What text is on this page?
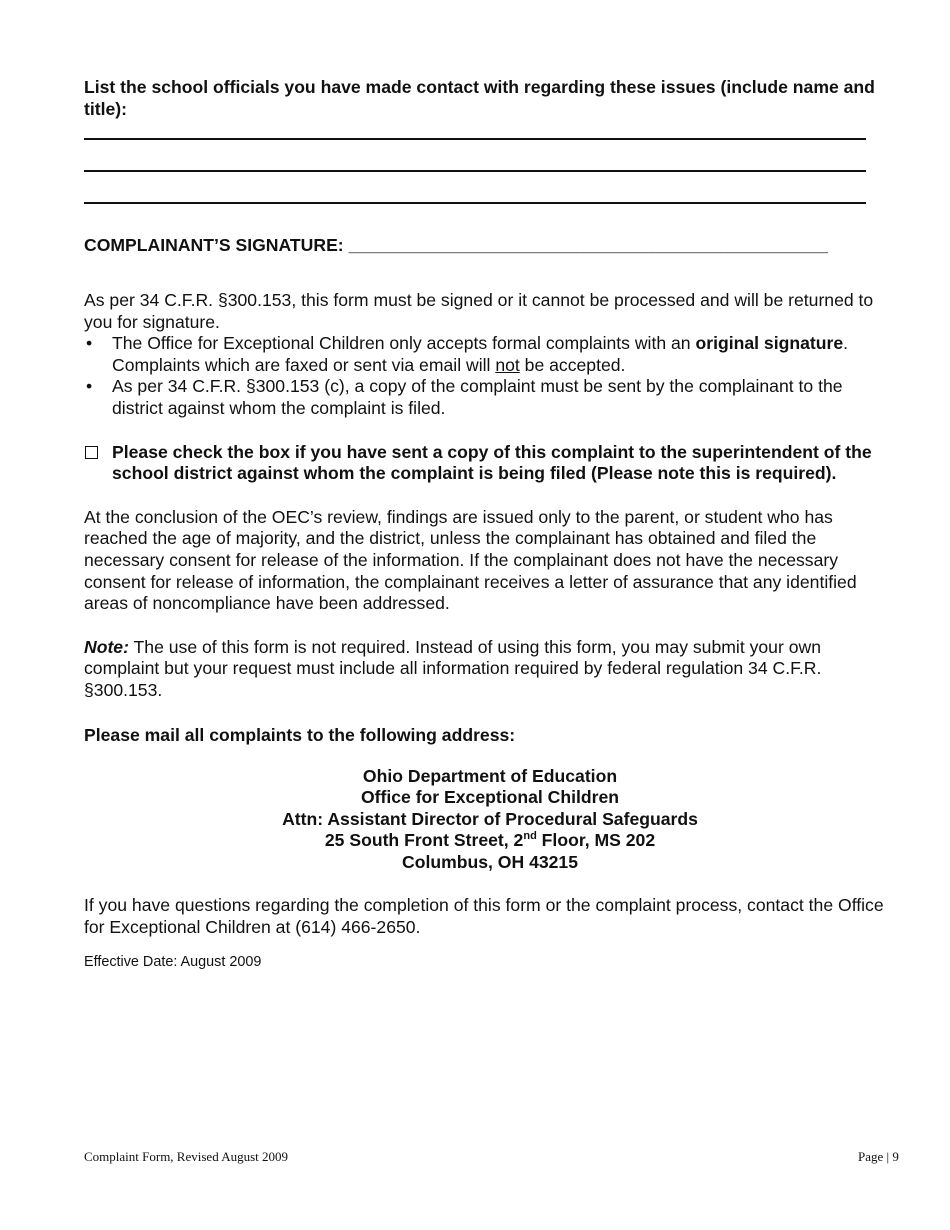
List the school officials you have made contact with regarding these issues (include name and title):

COMPLAINANT’S SIGNATURE: _________________________________________________

As per 34 C.F.R. §300.153, this form must be signed or it cannot be processed and will be returned to you for signature.

• The Office for Exceptional Children only accepts formal complaints with an original signature. Complaints which are faxed or sent via email will not be accepted.
• As per 34 C.F.R. §300.153 (c), a copy of the complaint must be sent by the complainant to the district against whom the complaint is filed.
Please check the box if you have sent a copy of this complaint to the superintendent of the school district against whom the complaint is being filed (Please note this is required).

At the conclusion of the OEC’s review, findings are issued only to the parent, or student who has reached the age of majority, and the district, unless the complainant has obtained and filed the necessary consent for release of the information. If the complainant does not have the necessary consent for release of information, the complainant receives a letter of assurance that any identified areas of noncompliance have been addressed.

Note: The use of this form is not required. Instead of using this form, you may submit your own complaint but your request must include all information required by federal regulation 34 C.F.R. §300.153.

Please mail all complaints to the following address:
Ohio Department of Education
Office for Exceptional Children
Attn: Assistant Director of Procedural Safeguards
25 South Front Street, 2nd Floor, MS 202
Columbus, OH 43215

If you have questions regarding the completion of this form or the complaint process, contact the Office for Exceptional Children at (614) 466-2650.

Effective Date: August 2009
Complaint Form, Revised August 2009	Page | 9
